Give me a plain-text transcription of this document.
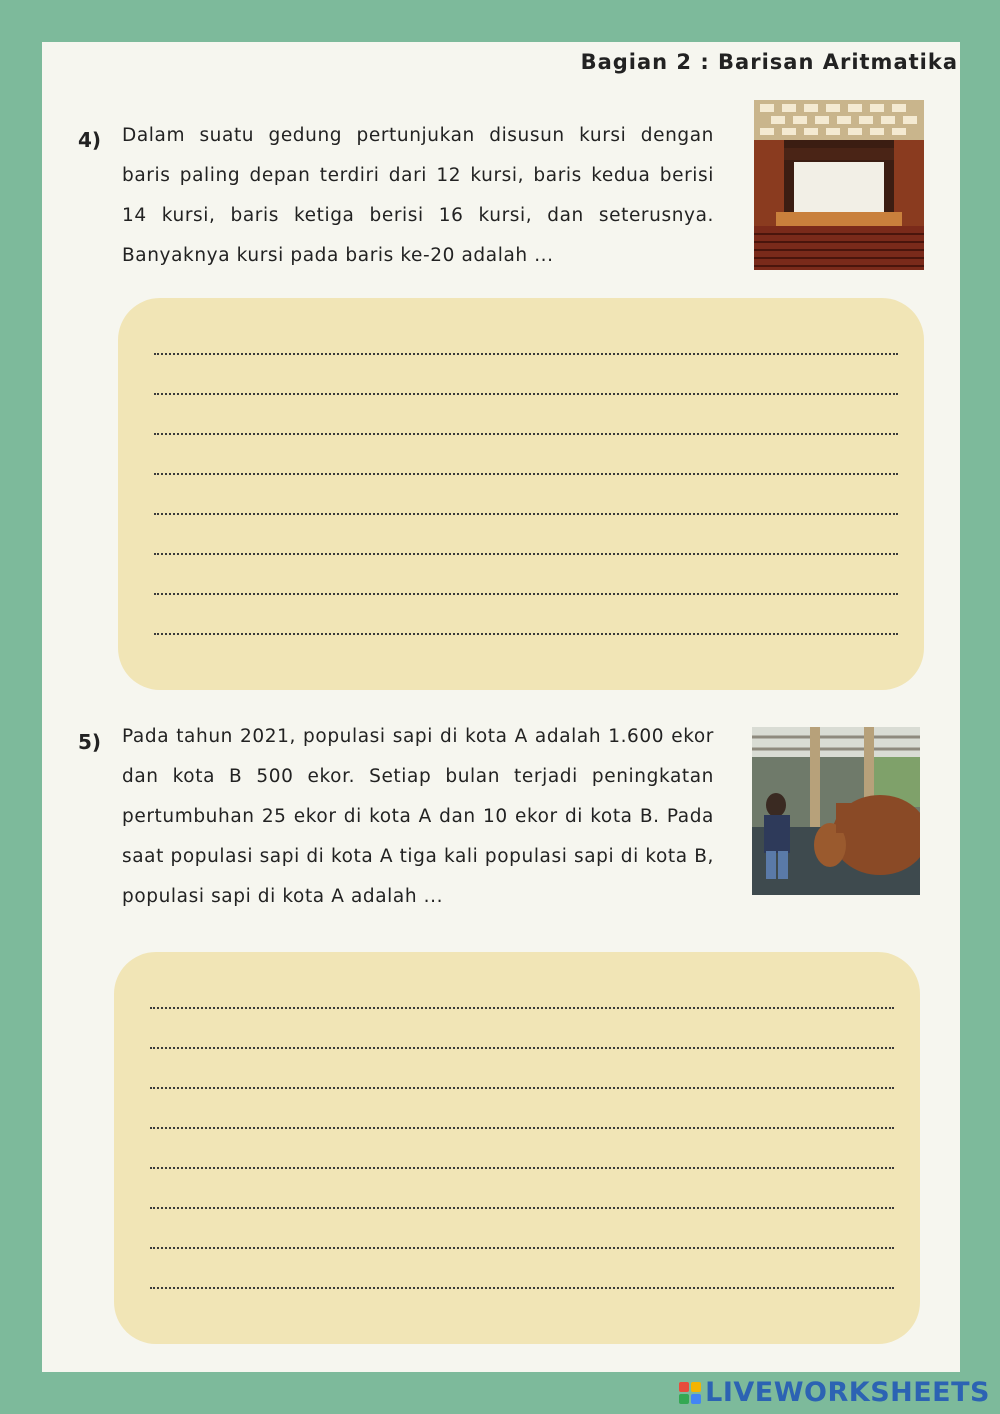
Bagian 2 : Barisan Aritmatika
4) Dalam suatu gedung pertunjukan disusun kursi dengan baris paling depan terdiri dari 12 kursi, baris kedua berisi 14 kursi, baris ketiga berisi 16 kursi, dan seterusnya. Banyaknya kursi pada baris ke-20 adalah ...

5) Pada tahun 2021, populasi sapi di kota A adalah 1.600 ekor dan kota B 500 ekor. Setiap bulan terjadi peningkatan pertumbuhan 25 ekor di kota A dan 10 ekor di kota B. Pada saat populasi sapi di kota A tiga kali populasi sapi di kota B, populasi sapi di kota A adalah ...

LIVEWORKSHEETS
